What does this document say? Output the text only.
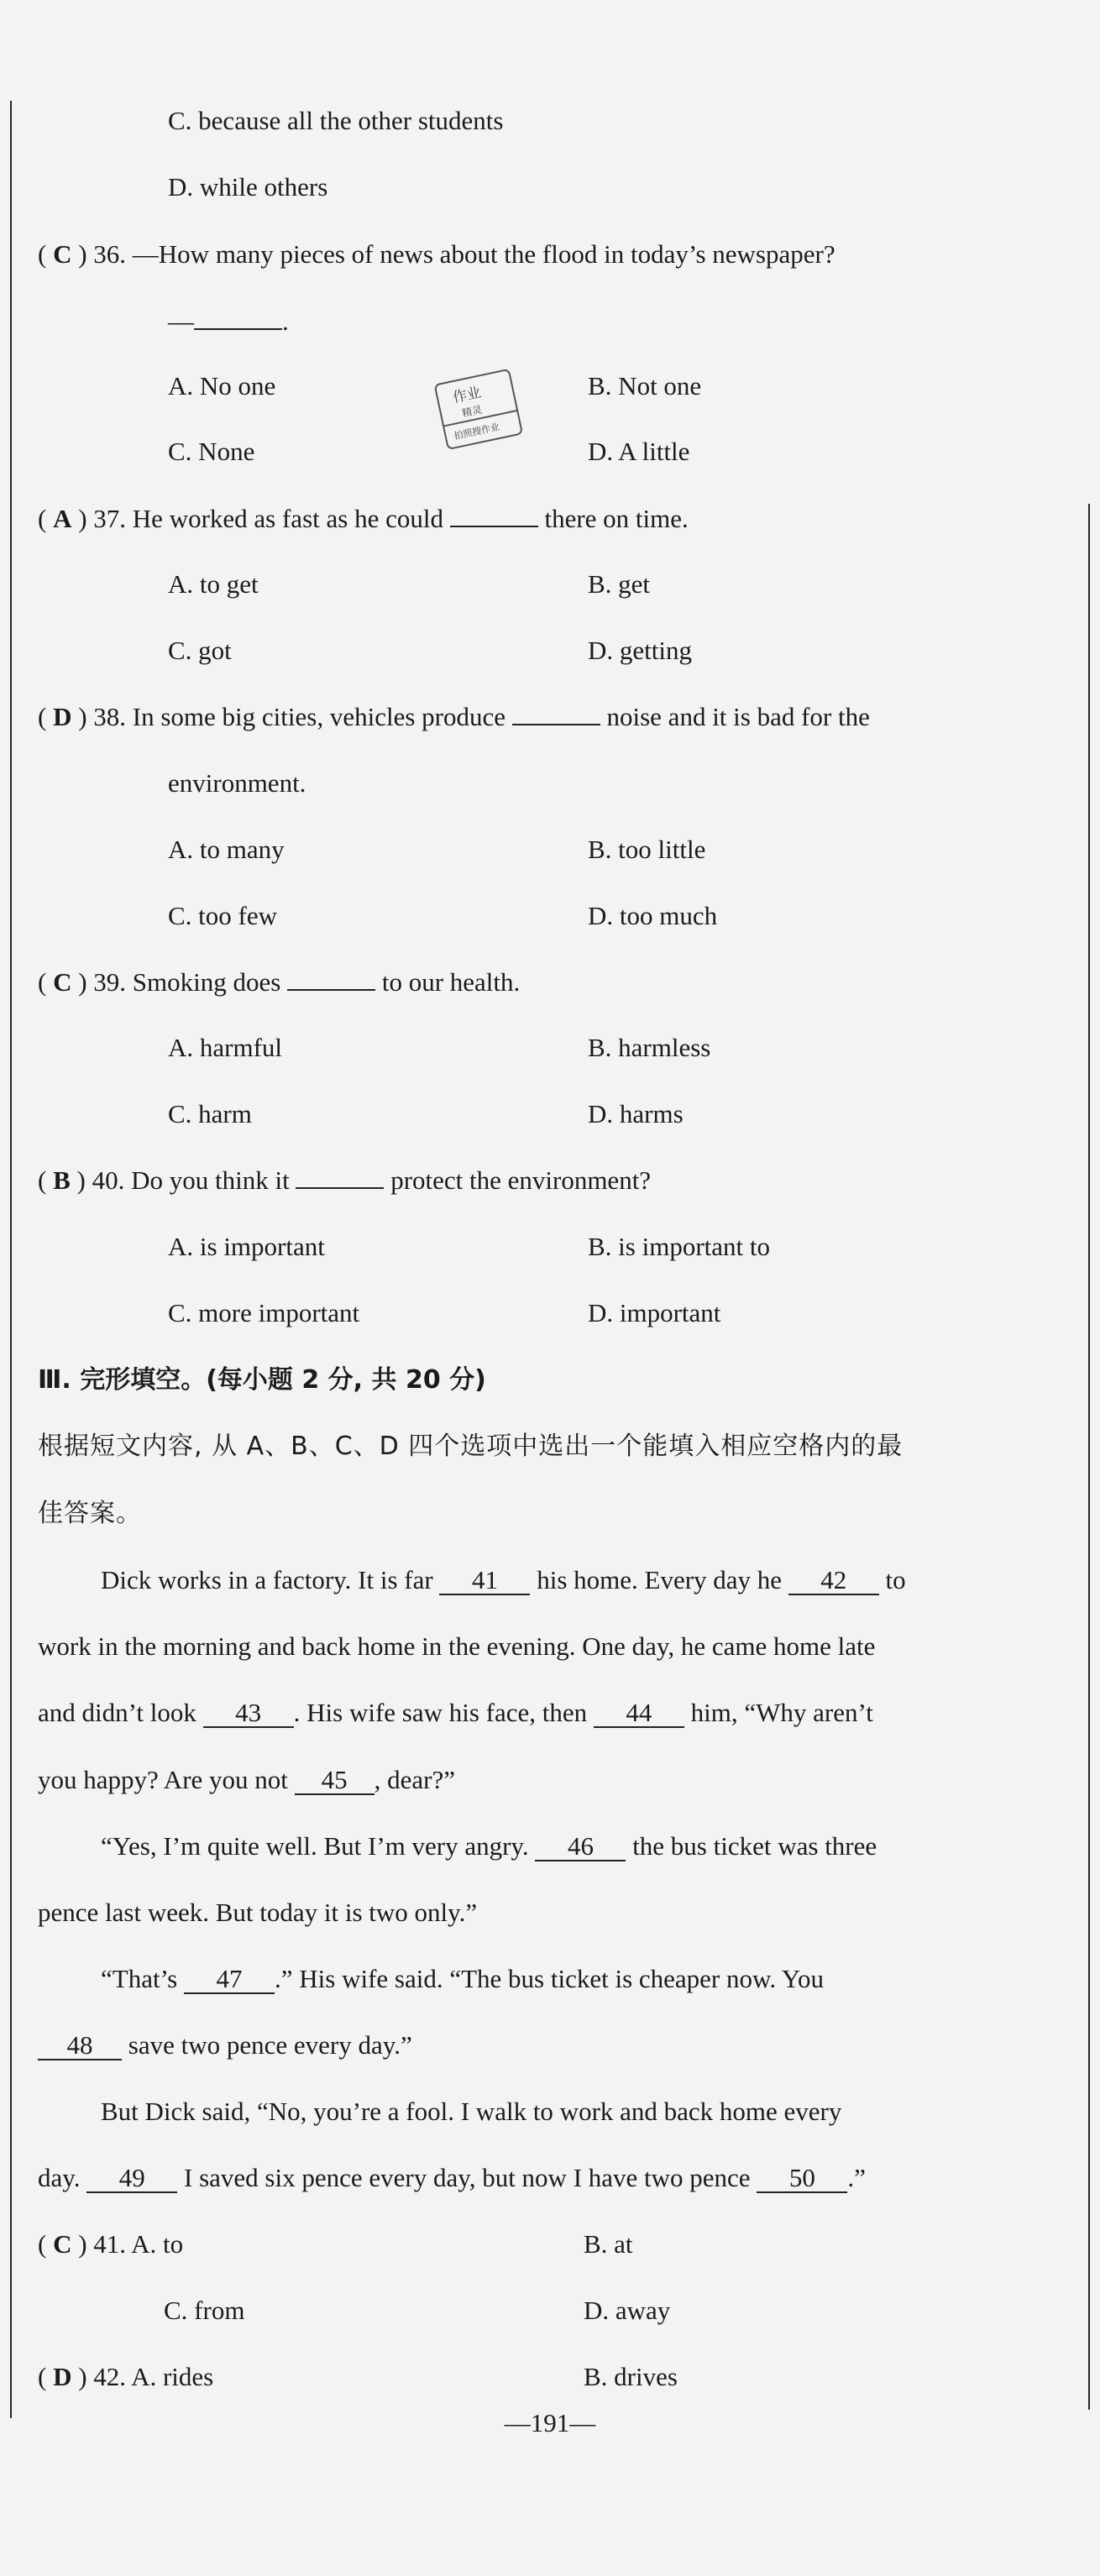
C. because all the other students
D. while others
( C ) 36. —How many pieces of news about the flood in today’s newspaper?
—	.
A. No one	B. Not one
C. None	D. A little
作业
精灵
拍照搜作业
( A ) 37. He worked as fast as he could	there on time.
A. to get	B. get
C. got	D. getting
( D ) 38. In some big cities, vehicles produce	noise and it is bad for the
environment.
A. to many	B. too little
C. too few	D. too much
( C ) 39. Smoking does	to our health.
A. harmful	B. harmless
C. harm	D. harms
( B ) 40. Do you think it	protect the environment?
A. is important	B. is important to
C. more important	D. important
Ⅲ. 完形填空。(每小题 2 分, 共 20 分)
根据短文内容, 从 A、B、C、D 四个选项中选出一个能填入相应空格内的最
佳答案。
Dick works in a factory. It is far 41 his home. Every day he 42 to
work in the morning and back home in the evening. One day, he came home late
and didn’t look 43 . His wife saw his face, then 44 him, “Why aren’t
you happy? Are you not 45 , dear?”
“Yes, I’m quite well. But I’m very angry. 46 the bus ticket was three
pence last week. But today it is two only.”
“That’s 47 .” His wife said. “The bus ticket is cheaper now. You
48 save two pence every day.”
But Dick said, “No, you’re a fool. I walk to work and back home every
day. 49 I saved six pence every day, but now I have two pence 50 .”
( C ) 41. A. to	B. at
C. from	D. away
( D ) 42. A. rides	B. drives
—191—
